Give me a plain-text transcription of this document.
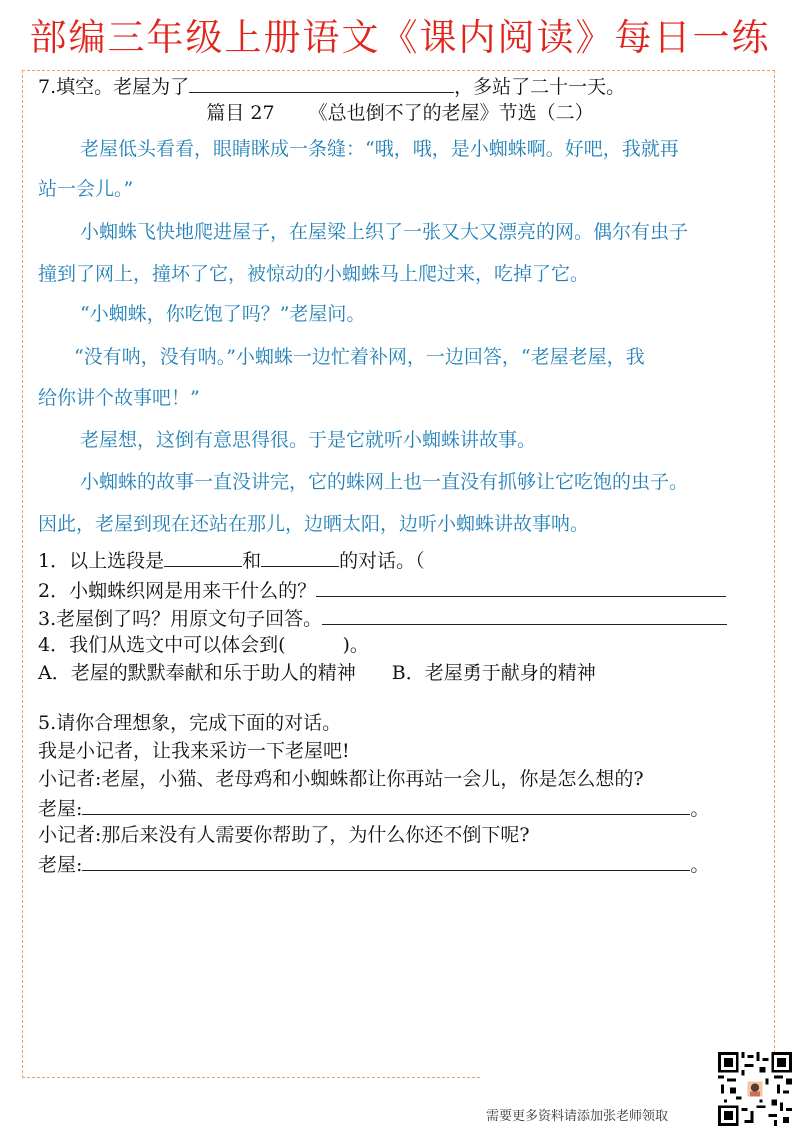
部编三年级上册语文《课内阅读》每日一练
7.填空。老屋为了	，多站了二十一天。
篇目 27 《总也倒不了的老屋》节选（二）
老屋低头看看，眼睛眯成一条缝：“哦，哦，是小蜘蛛啊。好吧，我就再
站一会儿。”
小蜘蛛飞快地爬进屋子，在屋梁上织了一张又大又漂亮的网。偶尔有虫子
撞到了网上，撞坏了它，被惊动的小蜘蛛马上爬过来，吃掉了它。
“小蜘蛛，你吃饱了吗？”老屋问。
“没有呐，没有呐。”小蜘蛛一边忙着补网，一边回答，“老屋老屋，我
给你讲个故事吧！”
老屋想，这倒有意思得很。于是它就听小蜘蛛讲故事。
小蜘蛛的故事一直没讲完，它的蛛网上也一直没有抓够让它吃饱的虫子。
因此，老屋到现在还站在那儿，边晒太阳，边听小蜘蛛讲故事呐。
1．以上选段是	和	的对话。（
2．小蜘蛛织网是用来干什么的？
3.老屋倒了吗？用原文句子回答。
4．我们从选文中可以体会到(　　　)。
A．老屋的默默奉献和乐于助人的精神 B．老屋勇于献身的精神
5.请你合理想象，完成下面的对话。
我是小记者，让我来采访一下老屋吧!
小记者:老屋，小猫、老母鸡和小蜘蛛都让你再站一会儿，你是怎么想的?
老屋:	。
小记者:那后来没有人需要你帮助了，为什么你还不倒下呢?
老屋:	。
需要更多资料请添加张老师领取
